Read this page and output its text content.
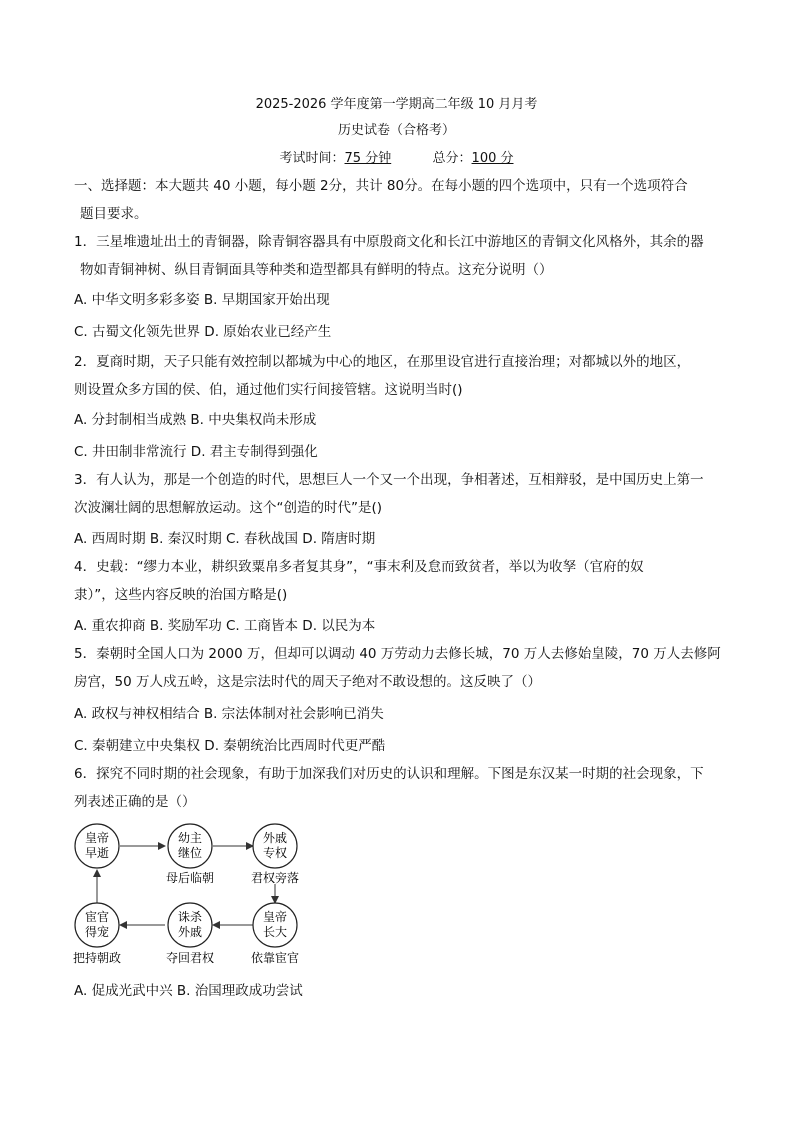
2025-2026 学年度第一学期高二年级 10 月月考
历史试卷（合格考）
考试时间：75 分钟	总分：100 分
一、选择题：本大题共 40 小题，每小题 2分，共计 80分。在每小题的四个选项中，只有一个选项符合
题目要求。
1．三星堆遗址出土的青铜器，除青铜容器具有中原殷商文化和长江中游地区的青铜文化风格外，其余的器
物如青铜神树、纵目青铜面具等种类和造型都具有鲜明的特点。这充分说明（）
A. 中华文明多彩多姿 B. 早期国家开始出现
C. 古蜀文化领先世界 D. 原始农业已经产生
2．夏商时期，天子只能有效控制以都城为中心的地区，在那里设官进行直接治理；对都城以外的地区，
则设置众多方国的侯、伯，通过他们实行间接管辖。这说明当时()
A. 分封制相当成熟 B. 中央集权尚未形成
C. 井田制非常流行 D. 君主专制得到强化
3．有人认为，那是一个创造的时代，思想巨人一个又一个出现，争相著述，互相辩驳，是中国历史上第一
次波澜壮阔的思想解放运动。这个“创造的时代”是()
A. 西周时期 B. 秦汉时期 C. 春秋战国 D. 隋唐时期
4．史载：“缪力本业，耕织致粟帛多者复其身”，“事末利及怠而致贫者，举以为收孥（官府的奴
隶）”，这些内容反映的治国方略是()
A. 重农抑商 B. 奖励军功 C. 工商皆本 D. 以民为本
5．秦朝时全国人口为 2000 万，但却可以调动 40 万劳动力去修长城，70 万人去修始皇陵，70 万人去修阿
房宫，50 万人戍五岭，这是宗法时代的周天子绝对不敢设想的。这反映了（）
A. 政权与神权相结合 B. 宗法体制对社会影响已消失
C. 秦朝建立中央集权 D. 秦朝统治比西周时代更严酷
6．探究不同时期的社会现象，有助于加深我们对历史的认识和理解。下图是东汉某一时期的社会现象，下
列表述正确的是（）
皇帝
早逝
幼主
继位
母后临朝
外戚
专权
君权旁落
皇帝
长大
依靠宦官
诛杀
外戚
夺回君权
宦官
得宠
把持朝政
A. 促成光武中兴 B. 治国理政成功尝试
